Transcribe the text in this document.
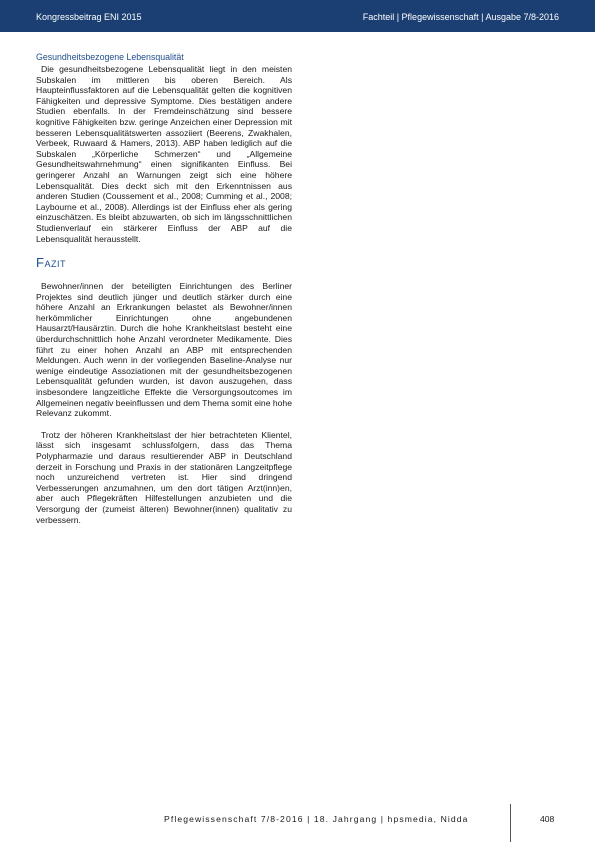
Kongressbeitrag ENI 2015	Fachteil | Pflegewissenschaft | Ausgabe 7/8-2016
Gesundheitsbezogene Lebensqualität

Die gesundheitsbezogene Lebensqualität liegt in den meisten Subskalen im mittleren bis oberen Bereich. Als Haupteinflussfaktoren auf die Lebensqualität gelten die kognitiven Fähigkeiten und depressive Symptome. Dies bestätigen andere Studien ebenfalls. In der Fremdeinschätzung sind bessere kognitive Fähigkeiten bzw. geringe Anzeichen einer Depression mit besseren Lebensqualitätswerten assoziiert (Beerens, Zwakhalen, Verbeek, Ruwaard & Hamers, 2013). ABP haben lediglich auf die Subskalen „Körperliche Schmerzen“ und „Allgemeine Gesundheitswahrnehmung“ einen signifikanten Einfluss. Bei geringerer Anzahl an Warnungen zeigt sich eine höhere Lebensqualität. Dies deckt sich mit den Erkenntnissen aus anderen Studien (Coussement et al., 2008; Cumming et al., 2008; Laybourne et al., 2008). Allerdings ist der Einfluss eher als gering einzuschätzen. Es bleibt abzuwarten, ob sich im längsschnittlichen Studienverlauf ein stärkerer Einfluss der ABP auf die Lebensqualität herausstellt.

Fazit

Bewohner/innen der beteiligten Einrichtungen des Berliner Projektes sind deutlich jünger und deutlich stärker durch eine höhere Anzahl an Erkrankungen belastet als Bewohner/innen herkömmlicher Einrichtungen ohne angebundenen Hausarzt/Hausärztin. Durch die hohe Krankheitslast besteht eine überdurchschnittlich hohe Anzahl verordneter Medikamente. Dies führt zu einer hohen Anzahl an ABP mit entsprechenden Meldungen. Auch wenn in der vorliegenden Baseline-Analyse nur wenige eindeutige Assoziationen mit der gesundheitsbezogenen Lebensqualität gefunden wurden, ist davon auszugehen, dass insbesondere langzeitliche Effekte die Versorgungsoutcomes im Allgemeinen negativ beeinflussen und dem Thema somit eine hohe Relevanz zukommt.

Trotz der höheren Krankheitslast der hier betrachteten Klientel, lässt sich insgesamt schlussfolgern, dass das Thema Polypharmazie und daraus resultierender ABP in Deutschland derzeit in Forschung und Praxis in der stationären Langzeitpflege noch unzureichend vertreten ist. Hier sind dringend Verbesserungen anzumahnen, um den dort tätigen Arzt(inn)en, aber auch Pflegekräften Hilfestellungen anzubieten und die Versorgung der (zumeist älteren) Bewohner(innen) qualitativ zu verbessern.

Pflegewissenschaft 7/8-2016 | 18. Jahrgang | hpsmedia, Nidda	408
